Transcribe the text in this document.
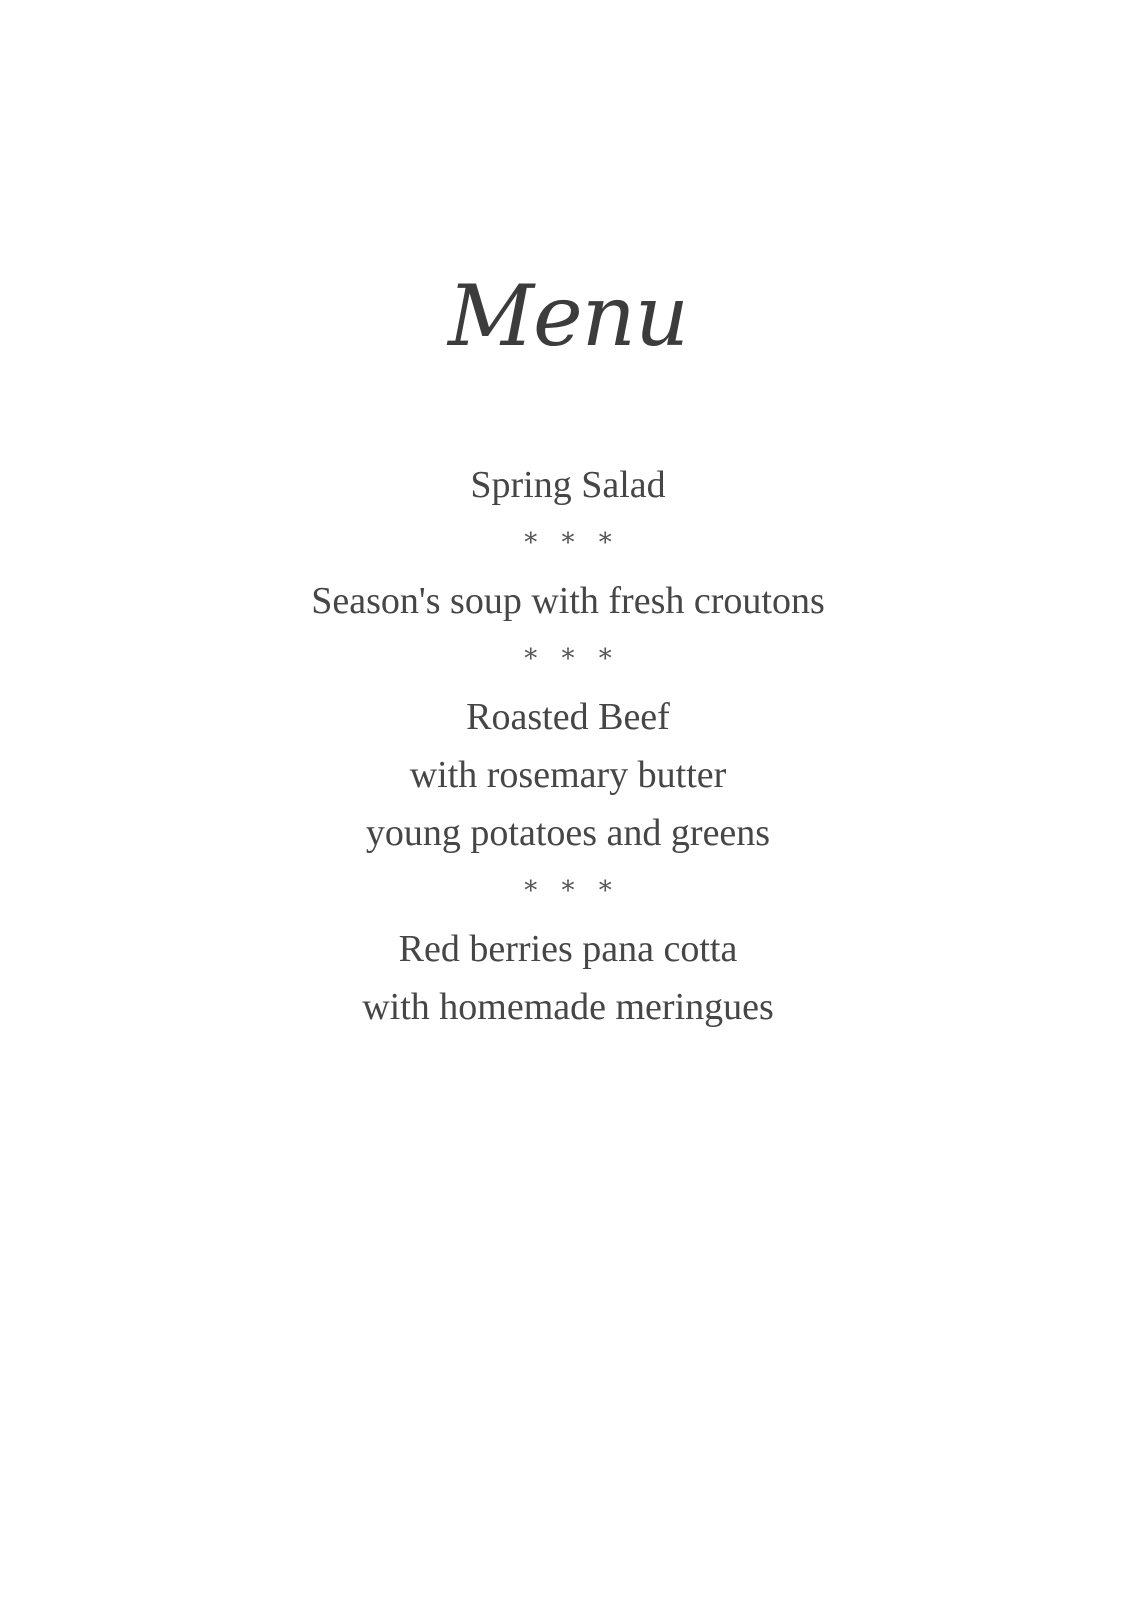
Menu
Spring Salad
* * *
Season's soup with fresh croutons
* * *
Roasted Beef
with rosemary butter
young potatoes and greens
* * *
Red berries pana cotta
with homemade meringues
